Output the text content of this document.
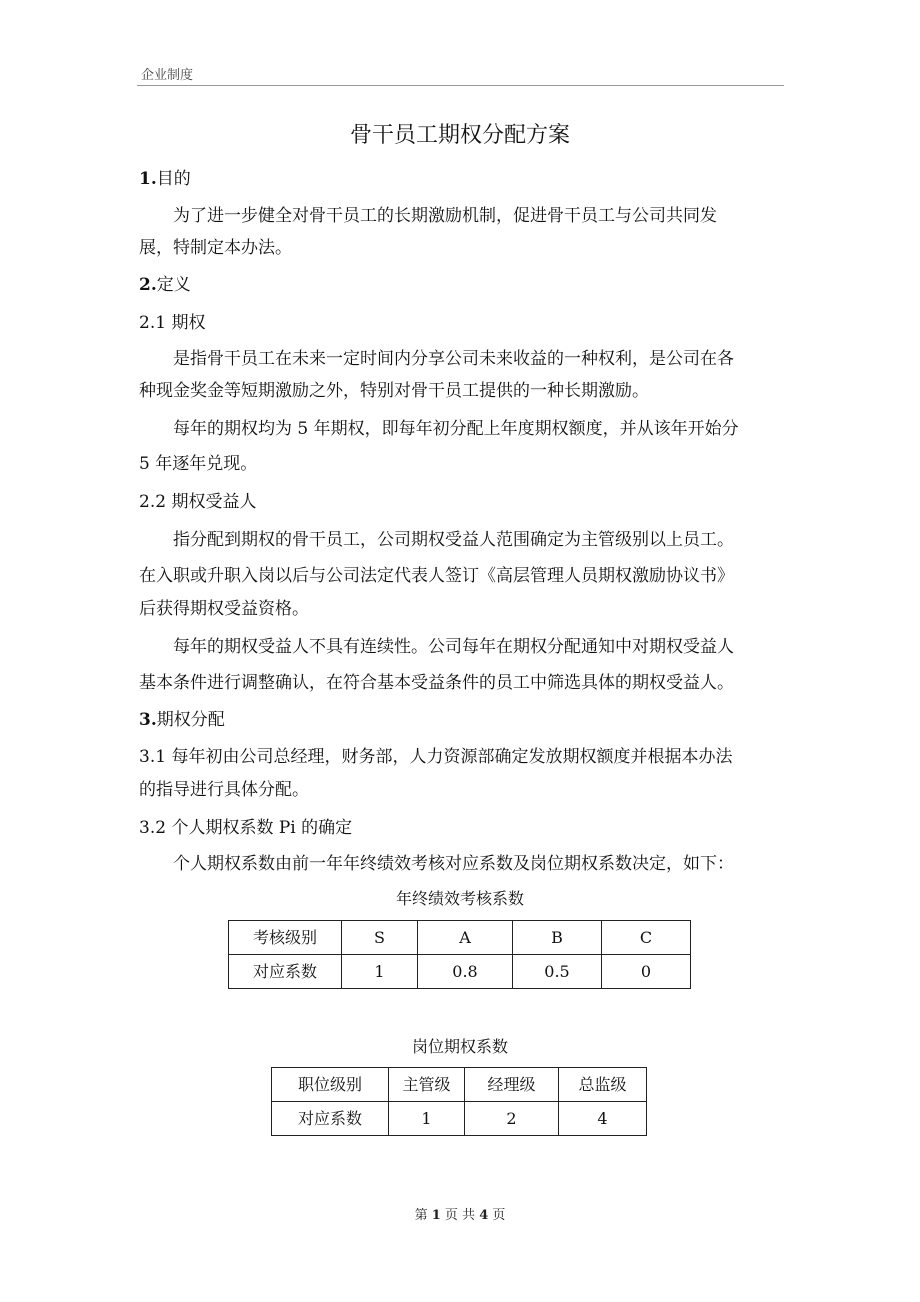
企业制度
骨干员工期权分配方案
1.目的
为了进一步健全对骨干员工的长期激励机制，促进骨干员工与公司共同发
展，特制定本办法。
2.定义
2.1 期权
是指骨干员工在未来一定时间内分享公司未来收益的一种权利，是公司在各
种现金奖金等短期激励之外，特别对骨干员工提供的一种长期激励。
每年的期权均为 5 年期权，即每年初分配上年度期权额度，并从该年开始分
5 年逐年兑现。
2.2 期权受益人
指分配到期权的骨干员工，公司期权受益人范围确定为主管级别以上员工。
在入职或升职入岗以后与公司法定代表人签订《高层管理人员期权激励协议书》
后获得期权受益资格。
每年的期权受益人不具有连续性。公司每年在期权分配通知中对期权受益人
基本条件进行调整确认，在符合基本受益条件的员工中筛选具体的期权受益人。
3.期权分配
3.1 每年初由公司总经理，财务部，人力资源部确定发放期权额度并根据本办法
的指导进行具体分配。
3.2 个人期权系数 Pi 的确定
个人期权系数由前一年年终绩效考核对应系数及岗位期权系数决定，如下：
年终绩效考核系数
考核级别	S	A	B	C
对应系数	1	0.8	0.5	0
岗位期权系数
职位级别	主管级	经理级	总监级
对应系数	1	2	4
第 1 页 共 4 页
